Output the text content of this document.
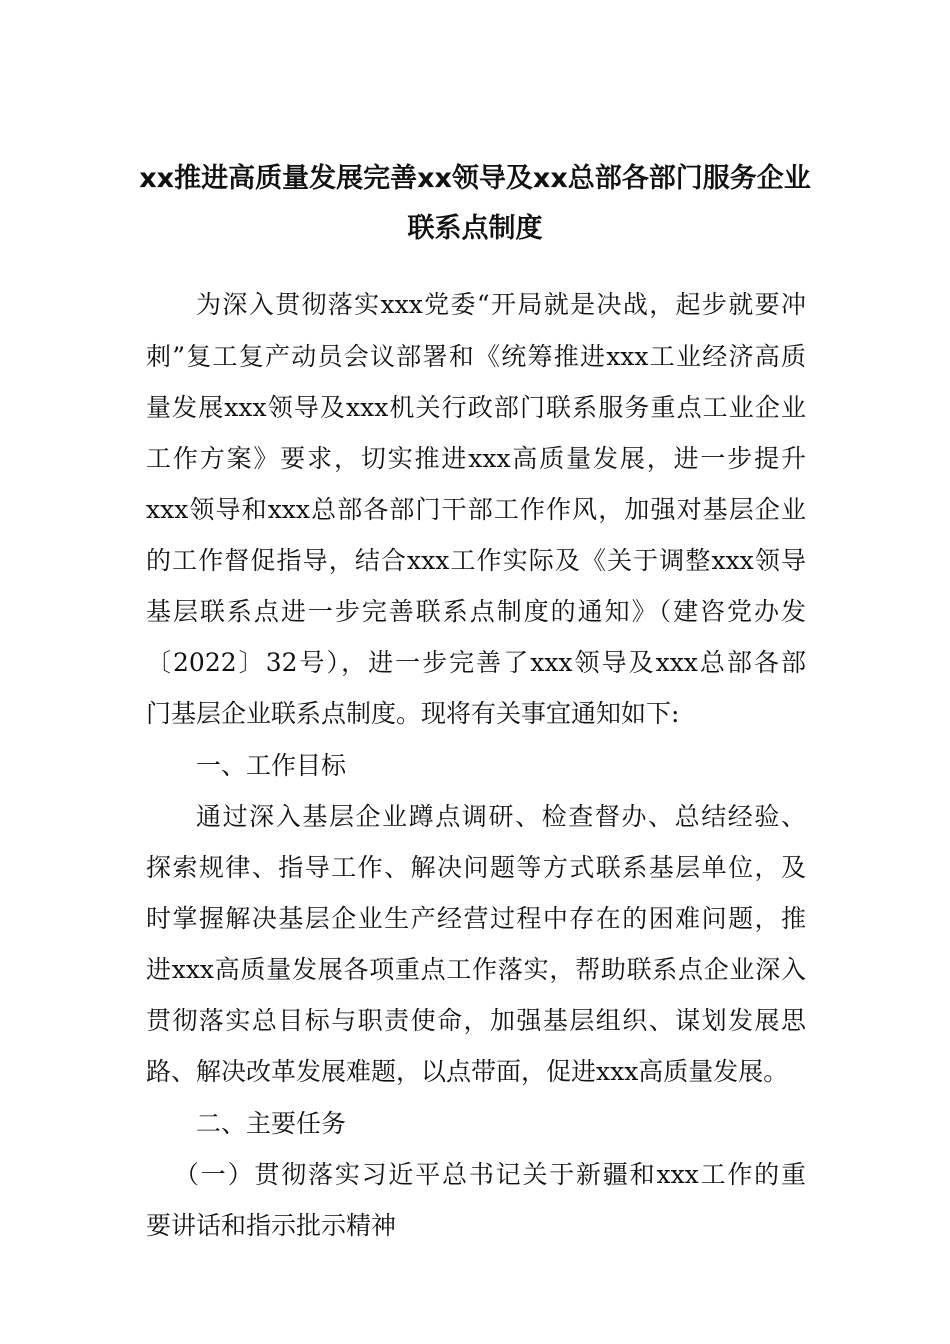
xx推进高质量发展完善xx领导及xx总部各部门服务企业
联系点制度
为深入贯彻落实xxx党委“开局就是决战，起步就要冲
刺”复工复产动员会议部署和《统筹推进xxx工业经济高质
量发展xxx领导及xxx机关行政部门联系服务重点工业企业
工作方案》要求，切实推进xxx高质量发展，进一步提升
xxx领导和xxx总部各部门干部工作作风，加强对基层企业
的工作督促指导，结合xxx工作实际及《关于调整xxx领导
基层联系点进一步完善联系点制度的通知》（建咨党办发
〔2022〕32号），进一步完善了xxx领导及xxx总部各部
门基层企业联系点制度。现将有关事宜通知如下:
一、工作目标
通过深入基层企业蹲点调研、检查督办、总结经验、
探索规律、指导工作、解决问题等方式联系基层单位，及
时掌握解决基层企业生产经营过程中存在的困难问题，推
进xxx高质量发展各项重点工作落实，帮助联系点企业深入
贯彻落实总目标与职责使命，加强基层组织、谋划发展思
路、解决改革发展难题，以点带面，促进xxx高质量发展。
二、主要任务
（一）贯彻落实习近平总书记关于新疆和xxx工作的重
要讲话和指示批示精神
